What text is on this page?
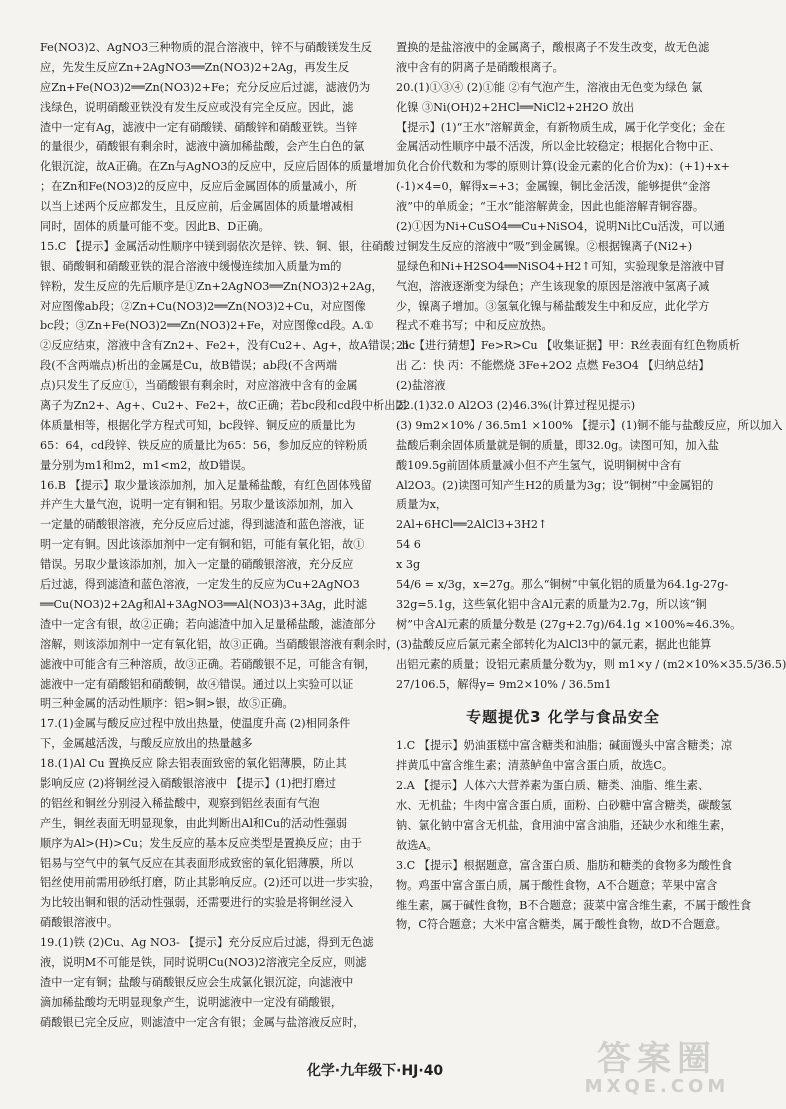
Fe(NO3)2、AgNO3三种物质的混合溶液中，锌不与硝酸镁发生反
应，先发生反应Zn+2AgNO3══Zn(NO3)2+2Ag，再发生反
应Zn+Fe(NO3)2══Zn(NO3)2+Fe；充分反应后过滤，滤液仍为
浅绿色，说明硝酸亚铁没有发生反应或没有完全反应。因此，滤
渣中一定有Ag，滤液中一定有硝酸镁、硝酸锌和硝酸亚铁。当锌
的量很少，硝酸银有剩余时，滤液中滴加稀盐酸，会产生白色的氯
化银沉淀，故A正确。在Zn与AgNO3的反应中，反应后固体的质量增加
；在Zn和Fe(NO3)2的反应中，反应后金属固体的质量减小，所
以当上述两个反应都发生，且反应前，后金属固体的质量增减相
同时，固体的质量可能不变。因此B、D正确。
15.C 【提示】金属活动性顺序中镁到弱依次是锌、铁、铜、银，往硝酸
银、硝酸铜和硝酸亚铁的混合溶液中缓慢连续加入质量为m的
锌粉，发生反应的先后顺序是①Zn+2AgNO3══Zn(NO3)2+2Ag，
对应图像ab段；②Zn+Cu(NO3)2══Zn(NO3)2+Cu，对应图像
bc段；③Zn+Fe(NO3)2══Zn(NO3)2+Fe，对应图像cd段。A.①
②反应结束，溶液中含有Zn2+、Fe2+，没有Cu2+、Ag+，故A错误；bc
段(不含两端点)析出的金属是Cu，故B错误；ab段(不含两端
点)只发生了反应①，当硝酸银有剩余时，对应溶液中含有的金属
离子为Zn2+、Ag+、Cu2+、Fe2+，故C正确；若bc段和cd段中析出固
体质量相等，根据化学方程式可知，bc段锌、铜反应的质量比为
65：64，cd段锌、铁反应的质量比为65：56，参加反应的锌粉质
量分别为m1和m2，m1<m2，故D错误。
16.B 【提示】取少量该添加剂，加入足量稀盐酸，有红色固体残留
并产生大量气泡，说明一定有铜和铝。另取少量该添加剂，加入
一定量的硝酸银溶液，充分反应后过滤，得到滤渣和蓝色溶液，证
明一定有铜。因此该添加剂中一定有铜和铝，可能有氧化铝，故①
错误。另取少量该添加剂，加入一定量的硝酸银溶液，充分反应
后过滤，得到滤渣和蓝色溶液，一定发生的反应为Cu+2AgNO3
══Cu(NO3)2+2Ag和Al+3AgNO3══Al(NO3)3+3Ag，此时滤
渣中一定含有银，故②正确；若向滤渣中加入足量稀盐酸，滤渣部分
溶解，则该添加剂中一定有氧化铝，故③正确。当硝酸银溶液有剩余时，
滤液中可能含有三种溶质，故③正确。若硝酸银不足，可能含有铜，
滤液中一定有硝酸铝和硝酸铜，故④错误。通过以上实验可以证
明三种金属的活动性顺序：铝>铜>银，故⑤正确。
17.(1)金属与酸反应过程中放出热量，使温度升高 (2)相同条件
下，金属越活泼，与酸反应放出的热量越多
18.(1)Al Cu 置换反应 除去铝表面致密的氧化铝薄膜，防止其
影响反应 (2)将铜丝浸入硝酸银溶液中 【提示】(1)把打磨过
的铝丝和铜丝分别浸入稀盐酸中，观察到铝丝表面有气泡
产生，铜丝表面无明显现象，由此判断出Al和Cu的活动性强弱
顺序为Al>(H)>Cu；发生反应的基本反应类型是置换反应；由于
铝易与空气中的氧气反应在其表面形成致密的氧化铝薄膜，所以
铝丝使用前需用砂纸打磨，防止其影响反应。(2)还可以进一步实验，
为比较出铜和银的活动性强弱，还需要进行的实验是将铜丝浸入
硝酸银溶液中。
19.(1)铁 (2)Cu、Ag NO3- 【提示】充分反应后过滤，得到无色滤
液，说明M不可能是铁，同时说明Cu(NO3)2溶液完全反应，则滤
渣中一定有铜；盐酸与硝酸银反应会生成氯化银沉淀，向滤液中
滴加稀盐酸均无明显现象产生，说明滤液中一定没有硝酸银，
硝酸银已完全反应，则滤渣中一定含有银；金属与盐溶液反应时，
置换的是盐溶液中的金属离子，酸根离子不发生改变，故无色滤
液中含有的阴离子是硝酸根离子。
20.(1)①③④ (2)①能 ②有气泡产生，溶液由无色变为绿色 氯
化镍 ③Ni(OH)2+2HCl══NiCl2+2H2O 放出
【提示】(1)“王水”溶解黄金，有新物质生成，属于化学变化；金在
金属活动性顺序中最不活泼，所以金比较稳定；根据化合物中正、
负化合价代数和为零的原则计算(设金元素的化合价为x)：(+1)+x+
(-1)×4=0，解得x=+3；金属镍，铜比金活泼，能够提供“金溶
液”中的单质金；“王水”能溶解黄金，因此也能溶解青铜容器。
(2)①因为Ni+CuSO4══Cu+NiSO4，说明Ni比Cu活泼，可以通
过铜发生反应的溶液中“吸”到金属镍。②根据镍离子(Ni2+)
显绿色和Ni+H2SO4══NiSO4+H2↑可知，实验现象是溶液中冒
气泡，溶液逐渐变为绿色；产生该现象的原因是溶液中氢离子减
少，镍离子增加。③氢氧化镍与稀盐酸发生中和反应，此化学方
程式不难书写；中和反应放热。
21.【进行猜想】Fe>R>Cu 【收集证据】甲：R丝表面有红色物质析
出 乙：快 丙：不能燃烧 3Fe+2O2 点燃 Fe3O4 【归纳总结】
(2)盐溶液
22.(1)32.0 Al2O3 (2)46.3%(计算过程见提示)
(3) 9m2×10% / 36.5m1 ×100% 【提示】(1)铜不能与盐酸反应，所以加入
盐酸后剩余固体质量就是铜的质量，即32.0g。读图可知，加入盐
酸109.5g前固体质量减小但不产生氢气，说明铜树中含有
Al2O3。(2)读图可知产生H2的质量为3g；设“铜树”中金属铝的
质量为x，
2Al+6HCl══2AlCl3+3H2↑
54 6
x 3g
54/6 = x/3g，x=27g。那么“铜树”中氧化铝的质量为64.1g-27g-
32g=5.1g，这些氧化铝中含Al元素的质量为2.7g，所以该“铜
树”中含Al元素的质量分数是 (27g+2.7g)/64.1g ×100%≈46.3%。
(3)盐酸反应后氯元素全部转化为AlCl3中的氯元素，据此也能算
出铝元素的质量；设铝元素质量分数为y，则 m1×y / (m2×10%×35.5/36.5)
27/106.5，解得y= 9m2×10% / 36.5m1
专题提优3 化学与食品安全
1.C 【提示】奶油蛋糕中富含糖类和油脂；碱面馒头中富含糖类；凉
拌黄瓜中富含维生素；清蒸鲈鱼中富含蛋白质，故选C。
2.A 【提示】人体六大营养素为蛋白质、糖类、油脂、维生素、
水、无机盐；牛肉中富含蛋白质，面粉、白砂糖中富含糖类，碳酸氢
钠、氯化钠中富含无机盐，食用油中富含油脂，还缺少水和维生素，
故选A。
3.C 【提示】根据题意，富含蛋白质、脂肪和糖类的食物多为酸性食
物。鸡蛋中富含蛋白质，属于酸性食物，A不合题意；苹果中富含
维生素，属于碱性食物，B不合题意；菠菜中富含维生素，不属于酸性食
物，C符合题意；大米中富含糖类，属于酸性食物，故D不合题意。
化学·九年级下·HJ·40	答案圈
MXQE.COM
